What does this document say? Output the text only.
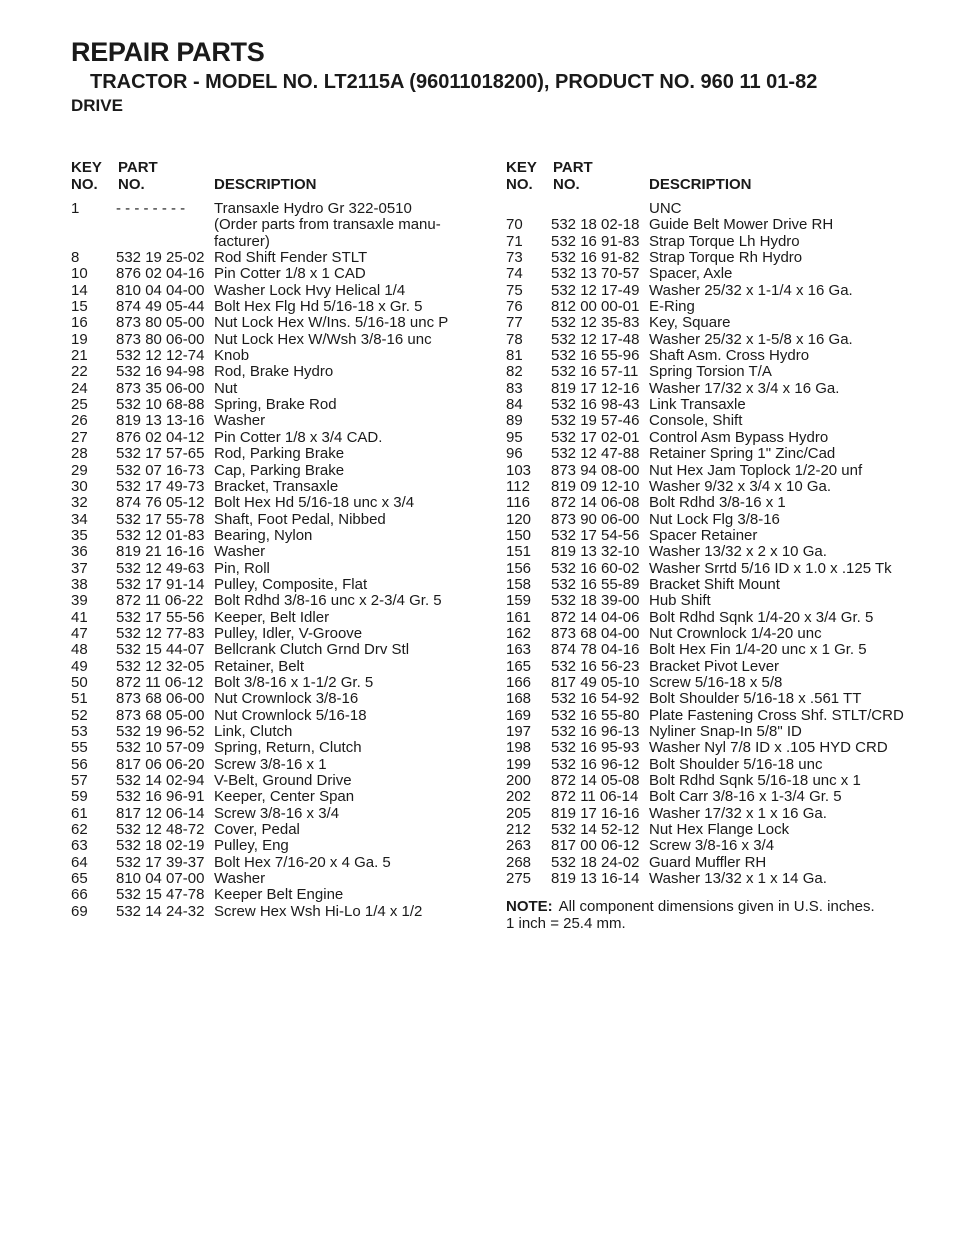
REPAIR PARTS
TRACTOR - MODEL NO. LT2115A (96011018200), PRODUCT NO. 960 11 01-82
DRIVE
KEY
NO.
PART
NO.	DESCRIPTION
1	- - - - - - - -	Transaxle Hydro Gr 322-0510
(Order parts from transaxle manu-
facturer)
8	532 19 25-02 Rod Shift Fender STLT
10	876 02 04-16 Pin Cotter 1/8 x 1 CAD
14	810 04 04-00 Washer Lock Hvy Helical 1/4
15	874 49 05-44 Bolt Hex Flg Hd 5/16-18 x Gr. 5
16	873 80 05-00 Nut Lock Hex W/Ins. 5/16-18 unc P
19	873 80 06-00 Nut Lock Hex W/Wsh 3/8-16 unc
21	532 12 12-74 Knob
22	532 16 94-98 Rod, Brake Hydro
24	873 35 06-00 Nut
25	532 10 68-88 Spring, Brake Rod
26	819 13 13-16 Washer
27	876 02 04-12 Pin Cotter 1/8 x 3/4 CAD.
28	532 17 57-65 Rod, Parking Brake
29	532 07 16-73 Cap, Parking Brake
30	532 17 49-73 Bracket, Transaxle
32	874 76 05-12 Bolt Hex Hd 5/16-18 unc x 3/4
34	532 17 55-78 Shaft, Foot Pedal, Nibbed
35	532 12 01-83 Bearing, Nylon
36	819 21 16-16 Washer
37	532 12 49-63 Pin, Roll
38	532 17 91-14 Pulley, Composite, Flat
39	872 11 06-22 Bolt Rdhd 3/8-16 unc x 2-3/4 Gr. 5
41	532 17 55-56 Keeper, Belt Idler
47	532 12 77-83 Pulley, Idler, V-Groove
48	532 15 44-07 Bellcrank Clutch Grnd Drv Stl
49	532 12 32-05 Retainer, Belt
50	872 11 06-12 Bolt 3/8-16 x 1-1/2 Gr. 5
51	873 68 06-00 Nut Crownlock 3/8-16
52	873 68 05-00 Nut Crownlock 5/16-18
53	532 19 96-52 Link, Clutch
55	532 10 57-09 Spring, Return, Clutch
56	817 06 06-20 Screw 3/8-16 x 1
57	532 14 02-94 V-Belt, Ground Drive
59	532 16 96-91 Keeper, Center Span
61	817 12 06-14 Screw 3/8-16 x 3/4
62	532 12 48-72 Cover, Pedal
63	532 18 02-19 Pulley, Eng
64	532 17 39-37 Bolt Hex 7/16-20 x 4 Ga. 5
65	810 04 07-00 Washer
66	532 15 47-78 Keeper Belt Engine
69	532 14 24-32 Screw Hex Wsh Hi-Lo 1/4 x 1/2
KEY
NO.
PART
NO.	DESCRIPTION
UNC
70	532 18 02-18 Guide Belt Mower Drive RH
71	532 16 91-83 Strap Torque Lh Hydro
73	532 16 91-82 Strap Torque Rh Hydro
74	532 13 70-57 Spacer, Axle
75	532 12 17-49 Washer 25/32 x 1-1/4 x 16 Ga.
76	812 00 00-01 E-Ring
77	532 12 35-83 Key, Square
78	532 12 17-48 Washer 25/32 x 1-5/8 x 16 Ga.
81	532 16 55-96 Shaft Asm. Cross Hydro
82	532 16 57-11 Spring Torsion T/A
83	819 17 12-16 Washer 17/32 x 3/4 x 16 Ga.
84	532 16 98-43 Link Transaxle
89	532 19 57-46 Console, Shift
95	532 17 02-01 Control Asm Bypass Hydro
96	532 12 47-88 Retainer Spring 1" Zinc/Cad
103	873 94 08-00 Nut Hex Jam Toplock 1/2-20 unf
112	819 09 12-10 Washer 9/32 x 3/4 x 10 Ga.
116	872 14 06-08 Bolt Rdhd 3/8-16 x 1
120	873 90 06-00 Nut Lock Flg 3/8-16
150	532 17 54-56 Spacer Retainer
151	819 13 32-10 Washer 13/32 x 2 x 10 Ga.
156	532 16 60-02 Washer Srrtd 5/16 ID x 1.0 x .125 Tk
158	532 16 55-89 Bracket Shift Mount
159	532 18 39-00 Hub Shift
161	872 14 04-06 Bolt Rdhd Sqnk 1/4-20 x 3/4 Gr. 5
162	873 68 04-00 Nut Crownlock 1/4-20 unc
163	874 78 04-16 Bolt Hex Fin 1/4-20 unc x 1 Gr. 5
165	532 16 56-23 Bracket Pivot Lever
166	817 49 05-10 Screw 5/16-18 x 5/8
168	532 16 54-92 Bolt Shoulder 5/16-18 x .561 TT
169	532 16 55-80 Plate Fastening Cross Shf. STLT/CRD
197	532 16 96-13 Nyliner Snap-In 5/8" ID
198	532 16 95-93 Washer Nyl 7/8 ID x .105 HYD CRD
199	532 16 96-12 Bolt Shoulder 5/16-18 unc
200	872 14 05-08 Bolt Rdhd Sqnk 5/16-18 unc x 1
202	872 11 06-14 Bolt Carr 3/8-16 x 1-3/4 Gr. 5
205	819 17 16-16 Washer 17/32 x 1 x 16 Ga.
212	532 14 52-12 Nut Hex Flange Lock
263	817 00 06-12 Screw 3/8-16 x 3/4
268	532 18 24-02 Guard Muffler RH
275	819 13 16-14 Washer 13/32 x 1 x 14 Ga.
NOTE: All component dimensions given in U.S. inches.
1 inch = 25.4 mm.
